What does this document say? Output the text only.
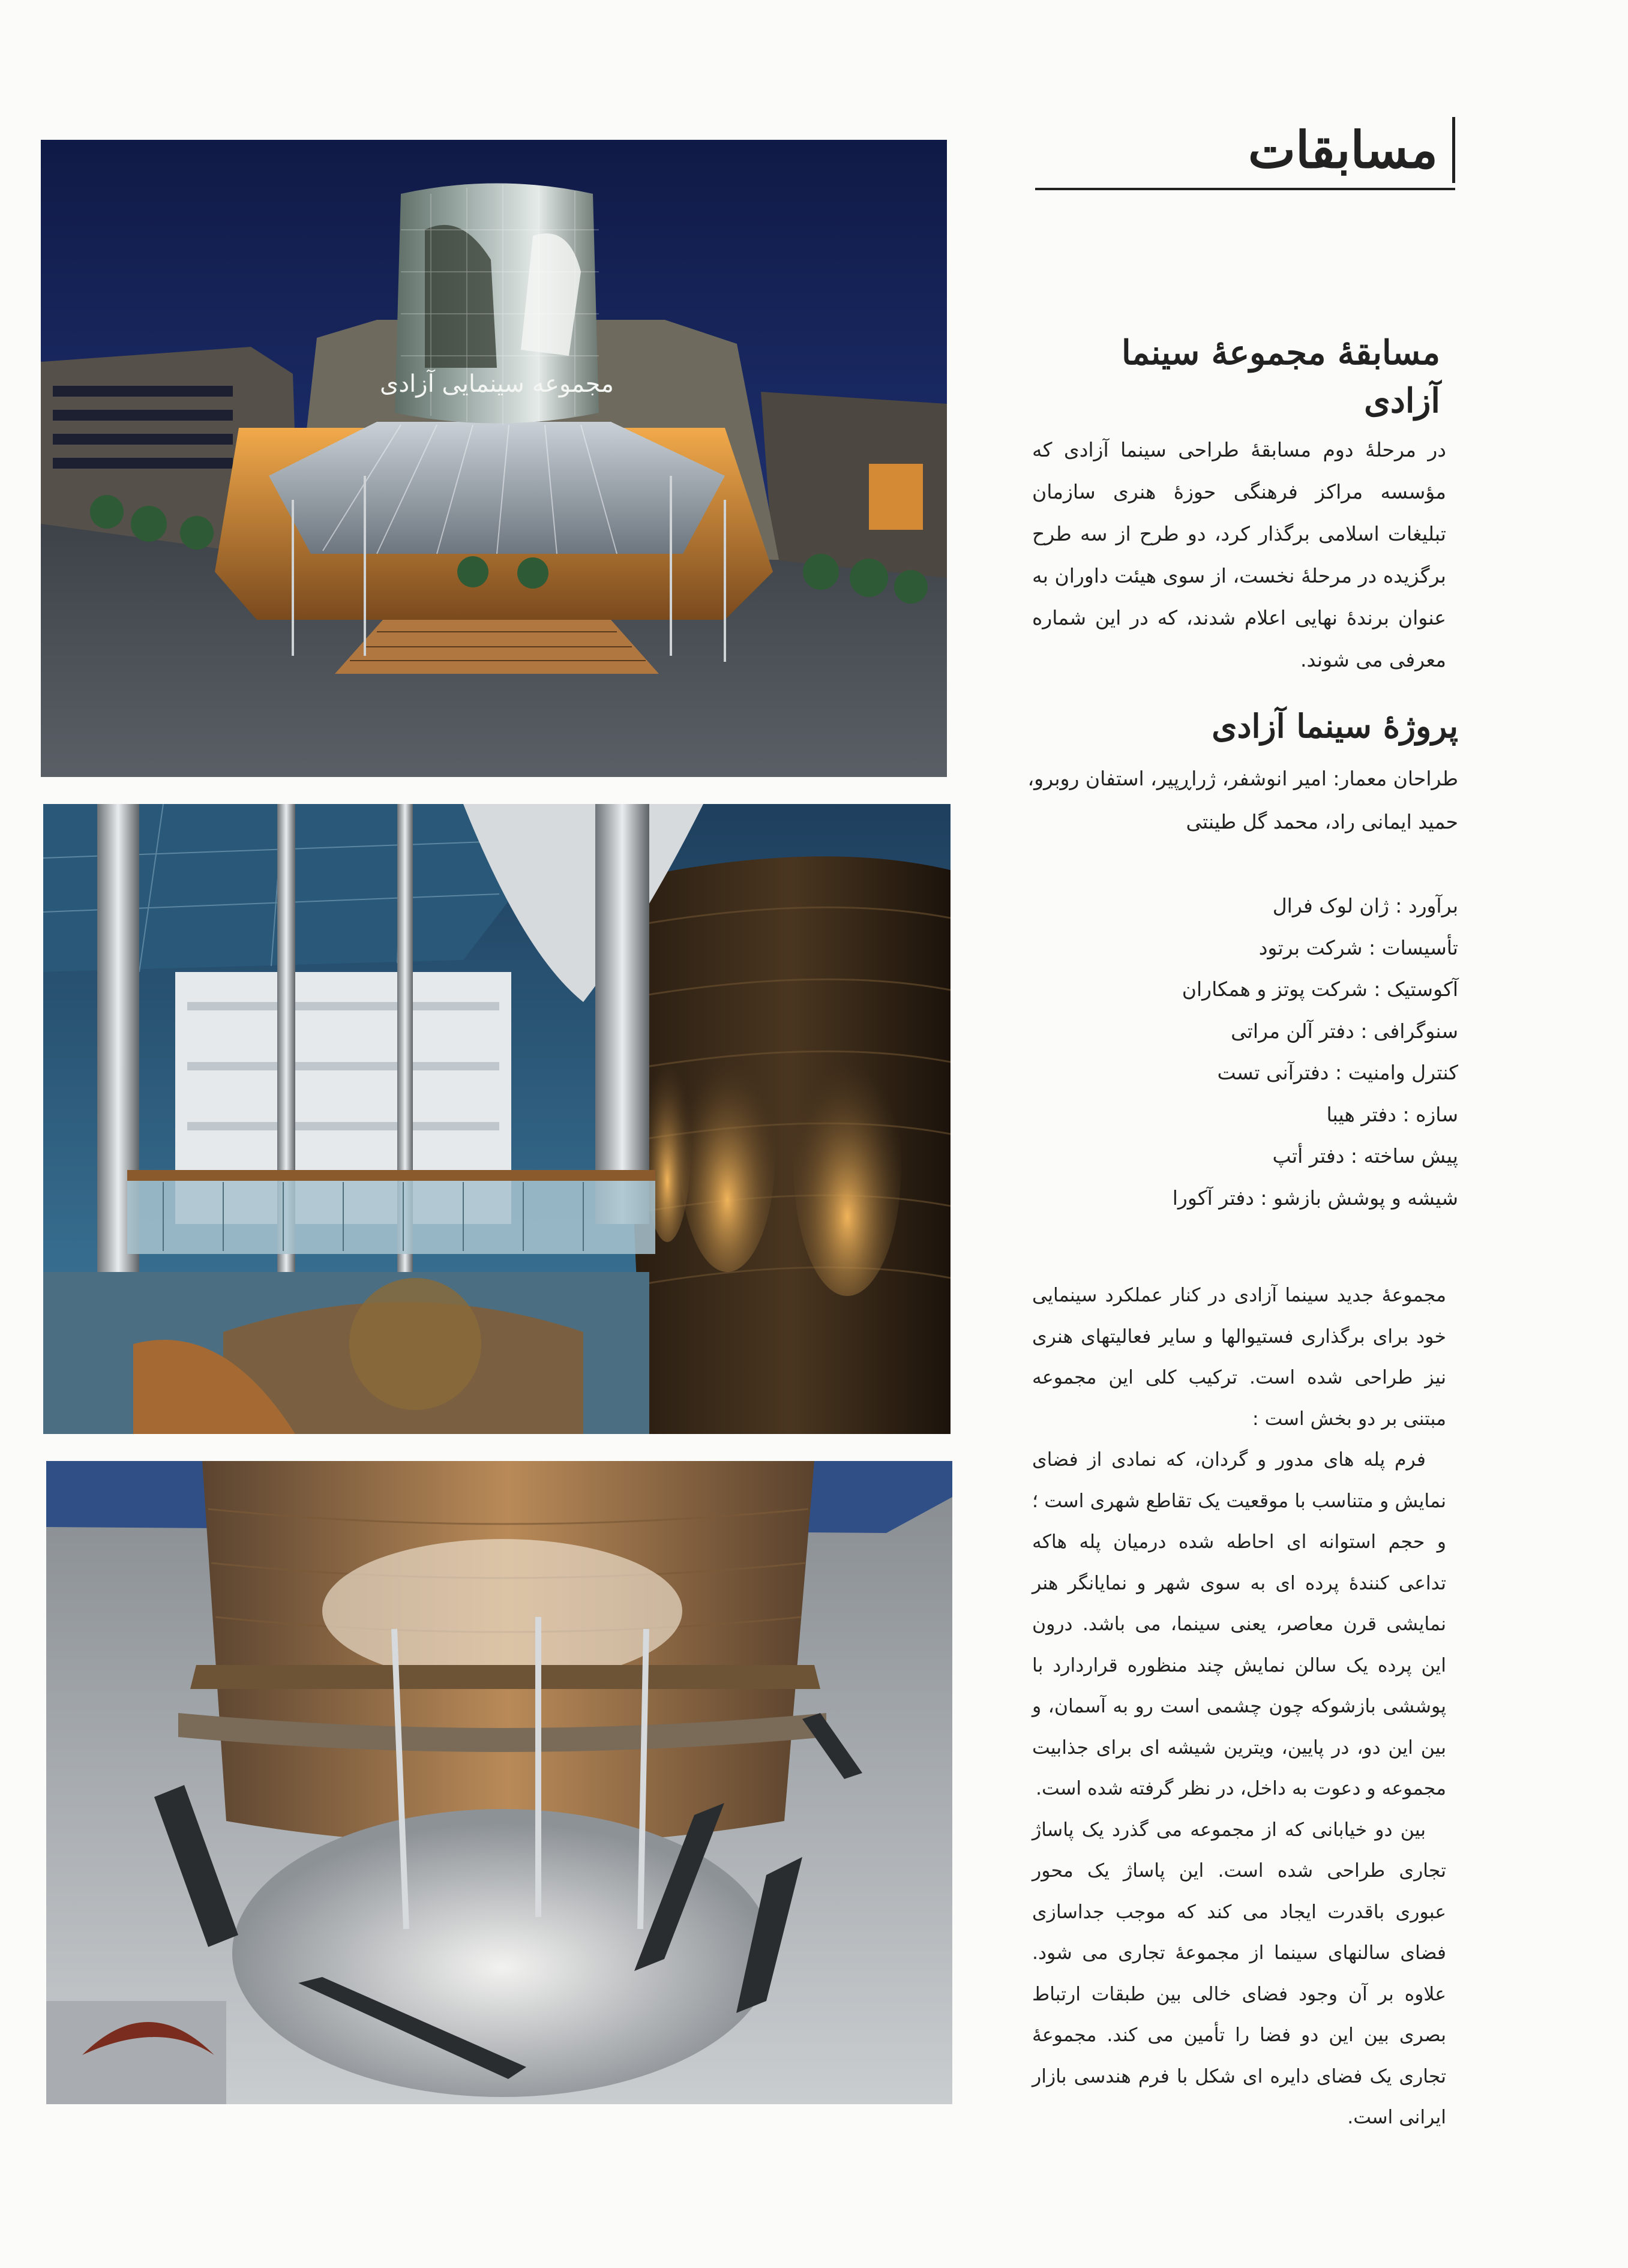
مجموعه سینمایی آزادی
مسابقات
مسابقهٔ مجموعهٔ سینما آزادی
در مرحلهٔ دوم مسابقهٔ طراحی سینما آزادی که مؤسسه مراکز فرهنگی حوزهٔ هنری سازمان تبلیغات اسلامی برگذار کرد، دو طرح از سه طرح برگزیده در مرحلهٔ نخست، از سوی هیئت داوران به عنوان برندهٔ نهایی اعلام شدند، که در این شماره معرفی می شوند.
پروژهٔ سینما آزادی
طراحان معمار: امیر انوشفر، ژراڕپیر، استفان روبرو،
حمید ایمانی راد، محمد گل طینتی
برآورد : ژان لوک فرال
تأسیسات : شرکت برتود
آکوستیک : شرکت پوتز و همکاران
سنوگرافی : دفتر آلن مراتی
کنترل وامنیت : دفترآنی تست
سازه : دفتر هیبا
پیش ساخته : دفتر أتپ
شیشه و پوشش بازشو : دفتر آکورا

مجموعهٔ جدید سینما آزادی در کنار عملکرد سینمایی خود برای برگذاری فستیوالها و سایر فعالیتهای هنری نیز طراحی شده است. ترکیب کلی این مجموعه مبتنی بر دو بخش است :

فرم پله های مدور و گردان، که نمادی از فضای نمایش و متناسب با موقعیت یک تقاطع شهری است ؛ و حجم استوانه ای احاطه شده درمیان پله هاکه تداعی کنندهٔ پرده ای به سوی شهر و نمایانگر هنر نمایشی قرن معاصر، یعنی سینما، می باشد. درون این پرده یک سالن نمایش چند منظوره قراردارد با پوششی بازشوکه چون چشمی است رو به آسمان، و بین این دو، در پایین، ویترین شیشه ای برای جذابیت مجموعه و دعوت به داخل، در نظر گرفته شده است.

بین دو خیابانی که از مجموعه می گذرد یک پاساژ تجاری طراحی شده است. این پاساژ یک محور عبوری باقدرت ایجاد می کند که موجب جداسازی فضای سالنهای سینما از مجموعهٔ تجاری می شود. علاوه بر آن وجود فضای خالی بین طبقات ارتباط بصری بین این دو فضا را تأمین می کند. مجموعهٔ تجاری یک فضای دایره ای شکل با فرم هندسی بازار ایرانی است.
